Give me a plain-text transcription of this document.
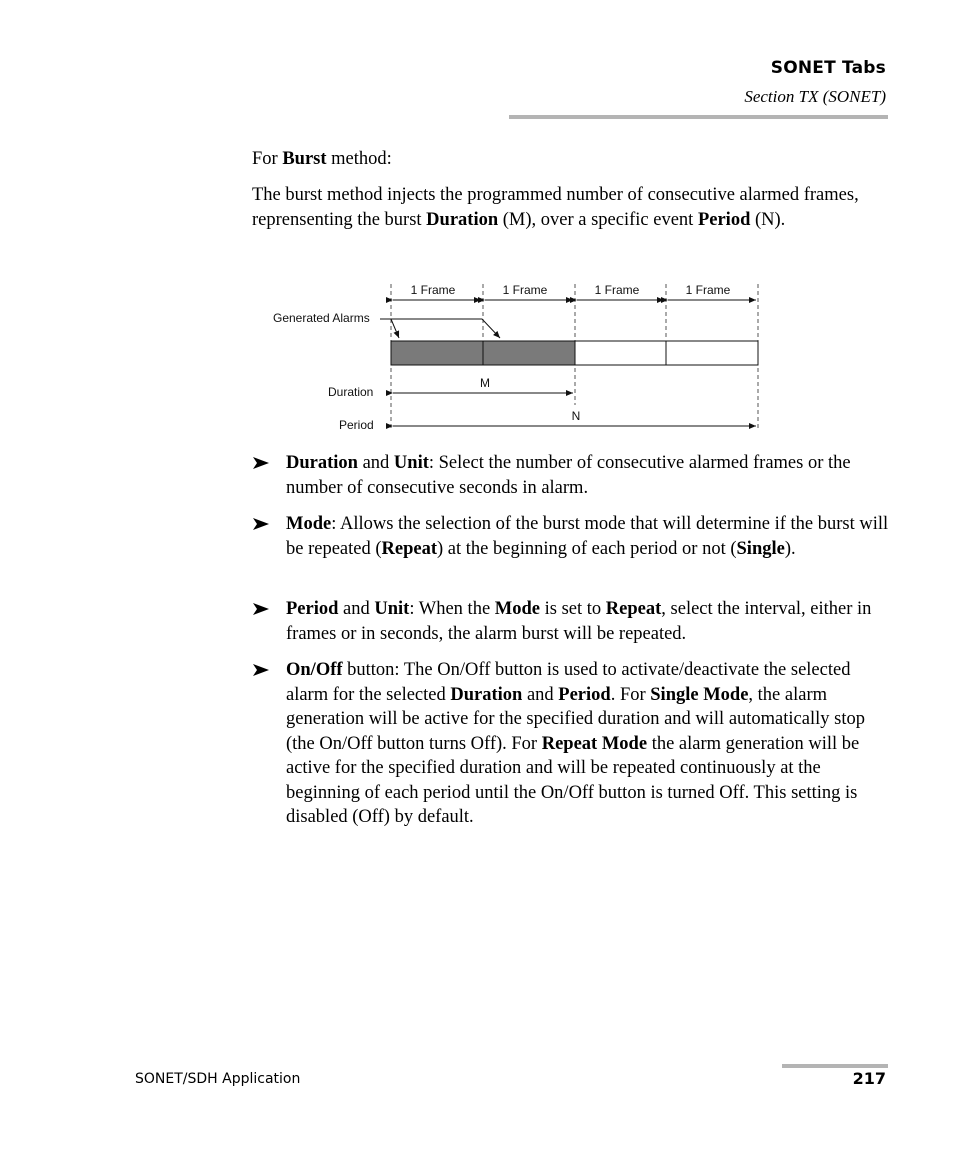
SONET Tabs
Section TX (SONET)

For Burst method:

The burst method injects the programmed number of consecutive alarmed frames, reprensenting the burst Duration (M), over a specific event Period (N).

1 Frame	1 Frame	1 Frame	1 Frame
Generated Alarms
Duration
M
Period
N
Duration and Unit: Select the number of consecutive alarmed frames or the number of consecutive seconds in alarm.
Mode: Allows the selection of the burst mode that will determine if the burst will be repeated (Repeat) at the beginning of each period or not (Single).
Period and Unit: When the Mode is set to Repeat, select the interval, either in frames or in seconds, the alarm burst will be repeated.
On/Off button: The On/Off button is used to activate/deactivate the selected alarm for the selected Duration and Period. For Single Mode, the alarm generation will be active for the specified duration and will automatically stop (the On/Off button turns Off). For Repeat Mode the alarm generation will be active for the specified duration and will be repeated continuously at the beginning of each period until the On/Off button is turned Off. This setting is disabled (Off) by default.
SONET/SDH Application	217
